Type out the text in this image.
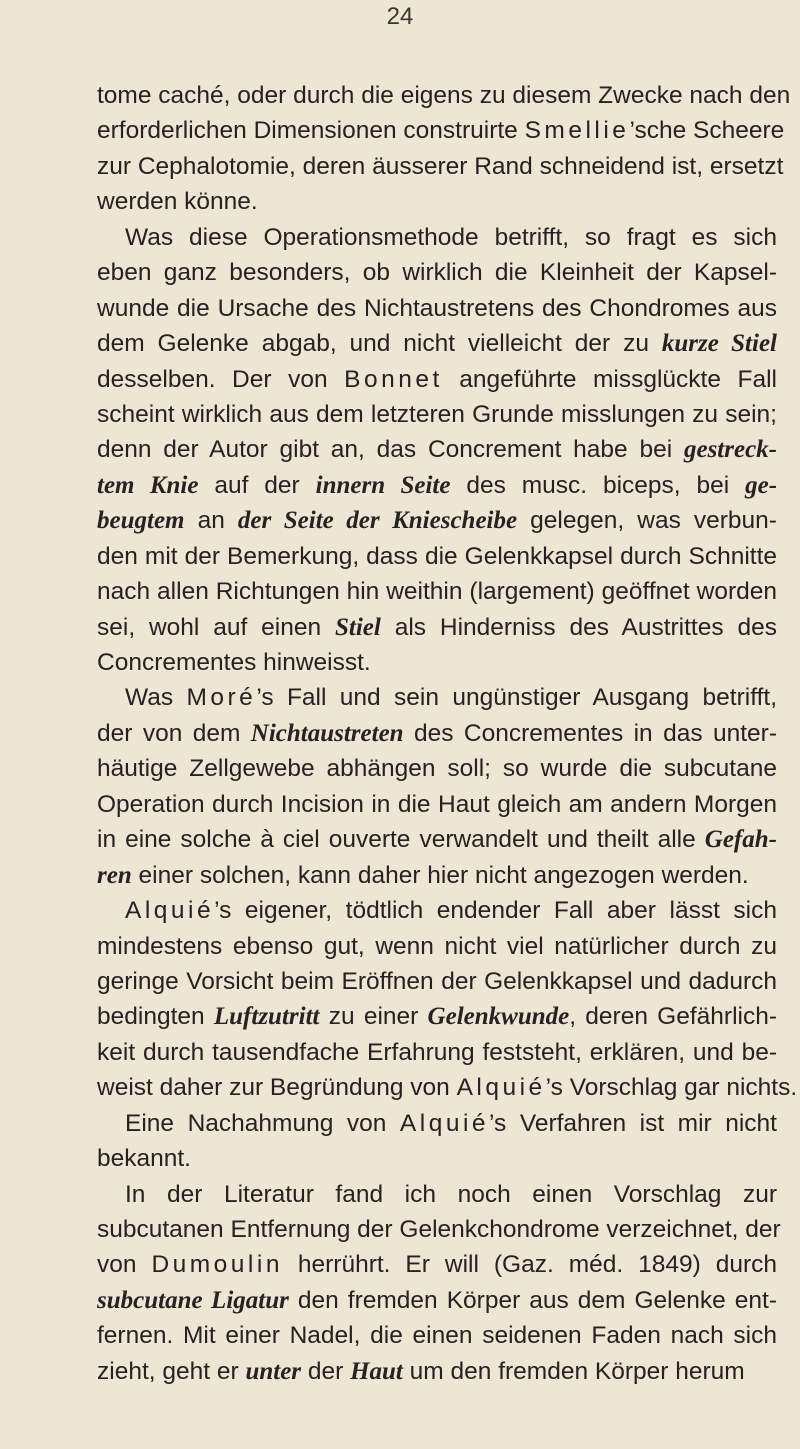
24
tome caché, oder durch die eigens zu diesem Zwecke nach den
erforderlichen Dimensionen construirte Smellie’sche Scheere
zur Cephalotomie, deren äusserer Rand schneidend ist, ersetzt
werden könne.
Was diese Operationsmethode betrifft, so fragt es sich
eben ganz besonders, ob wirklich die Kleinheit der Kapsel-
wunde die Ursache des Nichtaustretens des Chondromes aus
dem Gelenke abgab, und nicht vielleicht der zu kurze Stiel
desselben. Der von Bonnet angeführte missglückte Fall
scheint wirklich aus dem letzteren Grunde misslungen zu sein;
denn der Autor gibt an, das Concrement habe bei gestreck-
tem Knie auf der innern Seite des musc. biceps, bei ge-
beugtem an der Seite der Kniescheibe gelegen, was verbun-
den mit der Bemerkung, dass die Gelenkkapsel durch Schnitte
nach allen Richtungen hin weithin (largement) geöffnet worden
sei, wohl auf einen Stiel als Hinderniss des Austrittes des
Concrementes hinweisst.
Was Moré’s Fall und sein ungünstiger Ausgang betrifft,
der von dem Nichtaustreten des Concrementes in das unter-
häutige Zellgewebe abhängen soll; so wurde die subcutane
Operation durch Incision in die Haut gleich am andern Morgen
in eine solche à ciel ouverte verwandelt und theilt alle Gefah-
ren einer solchen, kann daher hier nicht angezogen werden.
Alquié’s eigener, tödtlich endender Fall aber lässt sich
mindestens ebenso gut, wenn nicht viel natürlicher durch zu
geringe Vorsicht beim Eröffnen der Gelenkkapsel und dadurch
bedingten Luftzutritt zu einer Gelenkwunde, deren Gefährlich-
keit durch tausendfache Erfahrung feststeht, erklären, und be-
weist daher zur Begründung von Alquié’s Vorschlag gar nichts.
Eine Nachahmung von Alquié’s Verfahren ist mir nicht
bekannt.
In der Literatur fand ich noch einen Vorschlag zur
subcutanen Entfernung der Gelenkchondrome verzeichnet, der
von Dumoulin herrührt. Er will (Gaz. méd. 1849) durch
subcutane Ligatur den fremden Körper aus dem Gelenke ent-
fernen. Mit einer Nadel, die einen seidenen Faden nach sich
zieht, geht er unter der Haut um den fremden Körper herum
